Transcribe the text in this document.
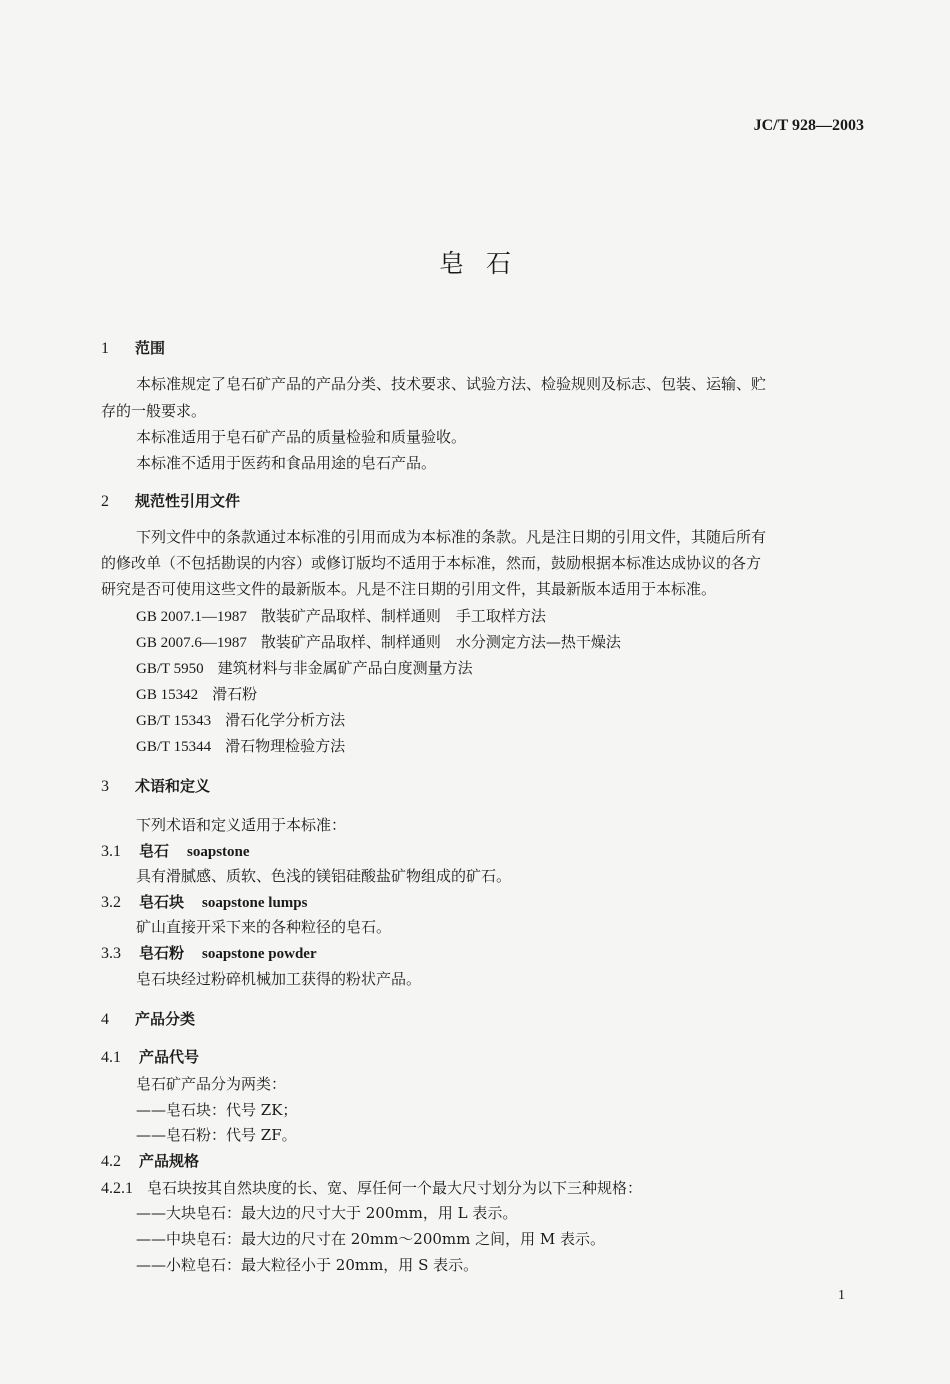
JC/T 928—2003
皂石
1 范围
本标准规定了皂石矿产品的产品分类、技术要求、试验方法、检验规则及标志、包装、运输、贮
存的一般要求。
本标准适用于皂石矿产品的质量检验和质量验收。
本标准不适用于医药和食品用途的皂石产品。
2 规范性引用文件
下列文件中的条款通过本标准的引用而成为本标准的条款。凡是注日期的引用文件，其随后所有
的修改单（不包括勘误的内容）或修订版均不适用于本标准，然而，鼓励根据本标准达成协议的各方
研究是否可使用这些文件的最新版本。凡是不注日期的引用文件，其最新版本适用于本标准。
GB 2007.1—1987 散装矿产品取样、制样通则　手工取样方法
GB 2007.6—1987 散装矿产品取样、制样通则　水分测定方法—热干燥法
GB/T 5950 建筑材料与非金属矿产品白度测量方法
GB 15342 滑石粉
GB/T 15343 滑石化学分析方法
GB/T 15344 滑石物理检验方法
3 术语和定义
下列术语和定义适用于本标准：
3.1 皂石 soapstone
具有滑腻感、质软、色浅的镁铝硅酸盐矿物组成的矿石。
3.2 皂石块 soapstone lumps
矿山直接开采下来的各种粒径的皂石。
3.3 皂石粉 soapstone powder
皂石块经过粉碎机械加工获得的粉状产品。
4 产品分类
4.1 产品代号
皂石矿产品分为两类：
——皂石块：代号 ZK；
——皂石粉：代号 ZF。
4.2 产品规格
4.2.1 皂石块按其自然块度的长、宽、厚任何一个最大尺寸划分为以下三种规格：
——大块皂石：最大边的尺寸大于 200mm，用 L 表示。
——中块皂石：最大边的尺寸在 20mm～200mm 之间，用 M 表示。
——小粒皂石：最大粒径小于 20mm，用 S 表示。
1
